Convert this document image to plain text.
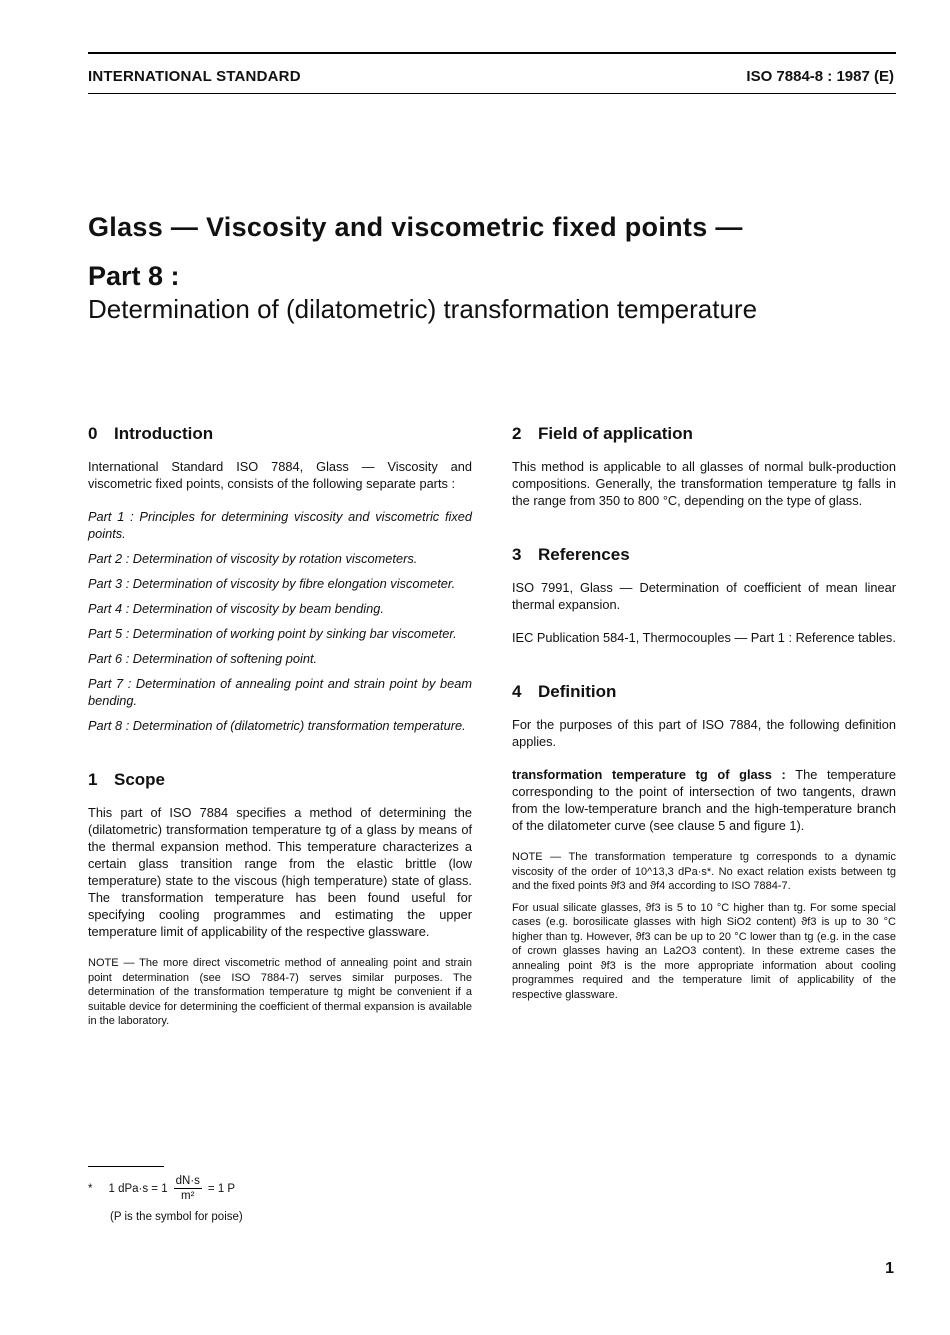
INTERNATIONAL STANDARD	ISO 7884-8 : 1987 (E)
Glass — Viscosity and viscometric fixed points —
Part 8 :
Determination of (dilatometric) transformation temperature
0 Introduction

International Standard ISO 7884, Glass — Viscosity and viscometric fixed points, consists of the following separate parts :

Part 1 : Principles for determining viscosity and viscometric fixed points.

Part 2 : Determination of viscosity by rotation viscometers.

Part 3 : Determination of viscosity by fibre elongation viscometer.

Part 4 : Determination of viscosity by beam bending.

Part 5 : Determination of working point by sinking bar viscometer.

Part 6 : Determination of softening point.

Part 7 : Determination of annealing point and strain point by beam bending.

Part 8 : Determination of (dilatometric) transformation temperature.

1 Scope

This part of ISO 7884 specifies a method of determining the (dilatometric) transformation temperature tg of a glass by means of the thermal expansion method. This temperature characterizes a certain glass transition range from the elastic brittle (low temperature) state to the viscous (high temperature) state of glass. The transformation temperature has been found useful for specifying cooling programmes and estimating the upper temperature limit of applicability of the respective glassware.

NOTE — The more direct viscometric method of annealing point and strain point determination (see ISO 7884-7) serves similar purposes. The determination of the transformation temperature tg might be convenient if a suitable device for determining the coefficient of thermal expansion is available in the laboratory.
2 Field of application

This method is applicable to all glasses of normal bulk-production compositions. Generally, the transformation temperature tg falls in the range from 350 to 800 °C, depending on the type of glass.

3 References

ISO 7991, Glass — Determination of coefficient of mean linear thermal expansion.

IEC Publication 584-1, Thermocouples — Part 1 : Reference tables.

4 Definition

For the purposes of this part of ISO 7884, the following definition applies.

transformation temperature tg of glass : The temperature corresponding to the point of intersection of two tangents, drawn from the low-temperature branch and the high-temperature branch of the dilatometer curve (see clause 5 and figure 1).

NOTE — The transformation temperature tg corresponds to a dynamic viscosity of the order of 10^13,3 dPa·s*. No exact relation exists between tg and the fixed points ϑf3 and ϑf4 according to ISO 7884-7.
For usual silicate glasses, ϑf3 is 5 to 10 °C higher than tg. For some special cases (e.g. borosilicate glasses with high SiO2 content) ϑf3 is up to 30 °C higher than tg. However, ϑf3 can be up to 20 °C lower than tg (e.g. in the case of crown glasses having an La2O3 content). In these extreme cases the annealing point ϑf3 is the more appropriate information about cooling programmes required and the temperature limit of applicability of the respective glassware.
* 1 $dPa\cdot s = 1 \frac{dN\cdot s}{\text{m²}} = 1$ P
(P is the symbol for poise)
1
